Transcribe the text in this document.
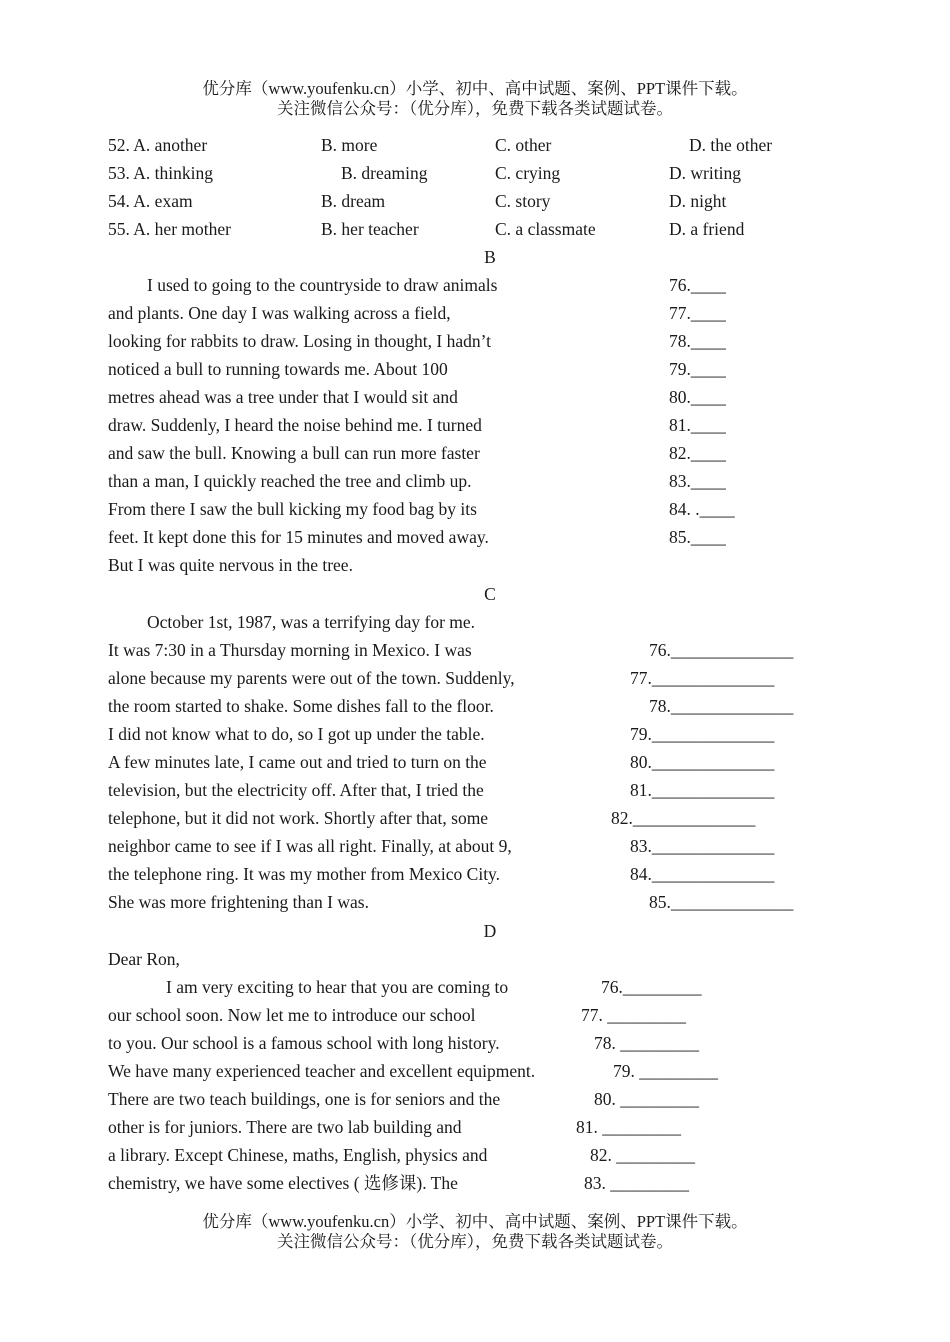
优分库（www.youfenku.cn）小学、初中、高中试题、案例、PPT课件下载。
关注微信公众号：（优分库），免费下载各类试题试卷。
52. A. another	B. more	C. other	D. the other
53. A. thinking	B. dreaming	C. crying	D. writing
54. A. exam	B. dream	C. story	D. night
55. A. her mother	B. her teacher	C. a classmate	D. a friend
B
I used to going to the countryside to draw animals
and plants. One day I was walking across a field,
looking for rabbits to draw. Losing in thought, I hadn’t
noticed a bull to running towards me. About 100
metres ahead was a tree under that I would sit and
draw. Suddenly, I heard the noise behind me. I turned
and saw the bull. Knowing a bull can run more faster
than a man, I quickly reached the tree and climb up.
From there I saw the bull kicking my food bag by its
feet. It kept done this for 15 minutes and moved away.
But I was quite nervous in the tree.
76.____
77.____
78.____
79.____
80.____
81.____
82.____
83.____
84. .____
85.____
C
October 1st, 1987, was a terrifying day for me.
It was 7:30 in a Thursday morning in Mexico. I was
alone because my parents were out of the town. Suddenly,
the room started to shake. Some dishes fall to the floor.
I did not know what to do, so I got up under the table.
A few minutes late, I came out and tried to turn on the
television, but the electricity off. After that, I tried the
telephone, but it did not work. Shortly after that, some
neighbor came to see if I was all right. Finally, at about 9,
the telephone ring. It was my mother from Mexico City.
She was more frightening than I was.
76.______________
77.______________
78.______________
79.______________
80.______________
81.______________
82.______________
83.______________
84.______________
85.______________
D
Dear Ron,
I am very exciting to hear that you are coming to
our school soon. Now let me to introduce our school
to you. Our school is a famous school with long history.
We have many experienced teacher and excellent equipment.
There are two teach buildings, one is for seniors and the
other is for juniors. There are two lab building and
a library. Except Chinese, maths, English, physics and
chemistry, we have some electives ( 选修课). The
76._________
77. _________
78. _________
79. _________
80. _________
81. _________
82. _________
83. _________
优分库（www.youfenku.cn）小学、初中、高中试题、案例、PPT课件下载。
关注微信公众号：（优分库），免费下载各类试题试卷。
